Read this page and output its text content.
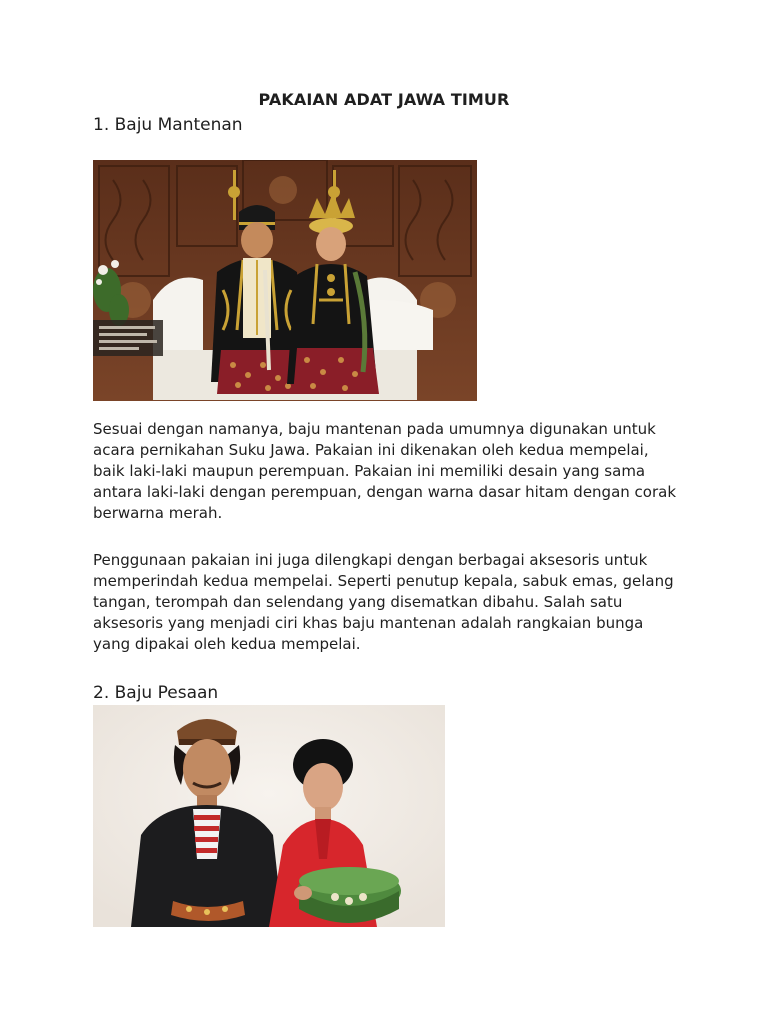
PAKAIAN ADAT JAWA TIMUR
1. Baju Mantenan
Sesuai dengan namanya, baju mantenan pada umumnya digunakan untuk acara pernikahan Suku Jawa. Pakaian ini dikenakan oleh kedua mempelai, baik laki-laki maupun perempuan. Pakaian ini memiliki desain yang sama antara laki-laki dengan perempuan, dengan warna dasar hitam dengan corak berwarna merah.
Penggunaan pakaian ini juga dilengkapi dengan berbagai aksesoris untuk memperindah kedua mempelai. Seperti penutup kepala, sabuk emas, gelang tangan, terompah dan selendang yang disematkan dibahu. Salah satu aksesoris yang menjadi ciri khas baju mantenan adalah rangkaian bunga yang dipakai oleh kedua mempelai.
2. Baju Pesaan
